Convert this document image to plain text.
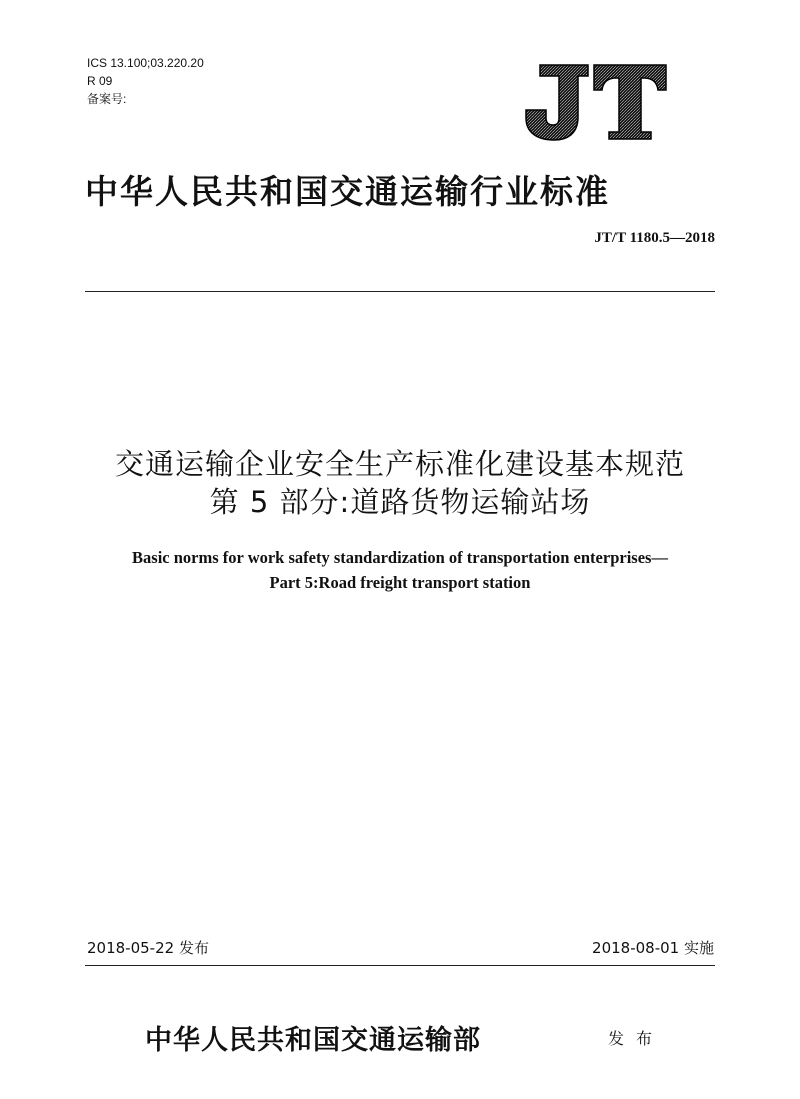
ICS 13.100;03.220.20
R 09
备案号:
中华人民共和国交通运输行业标准
JT/T 1180.5—2018
交通运输企业安全生产标准化建设基本规范
第 5 部分:道路货物运输站场
Basic norms for work safety standardization of transportation enterprises—
Part 5:Road freight transport station
2018-05-22 发布	2018-08-01 实施
中华人民共和国交通运输部	发布
